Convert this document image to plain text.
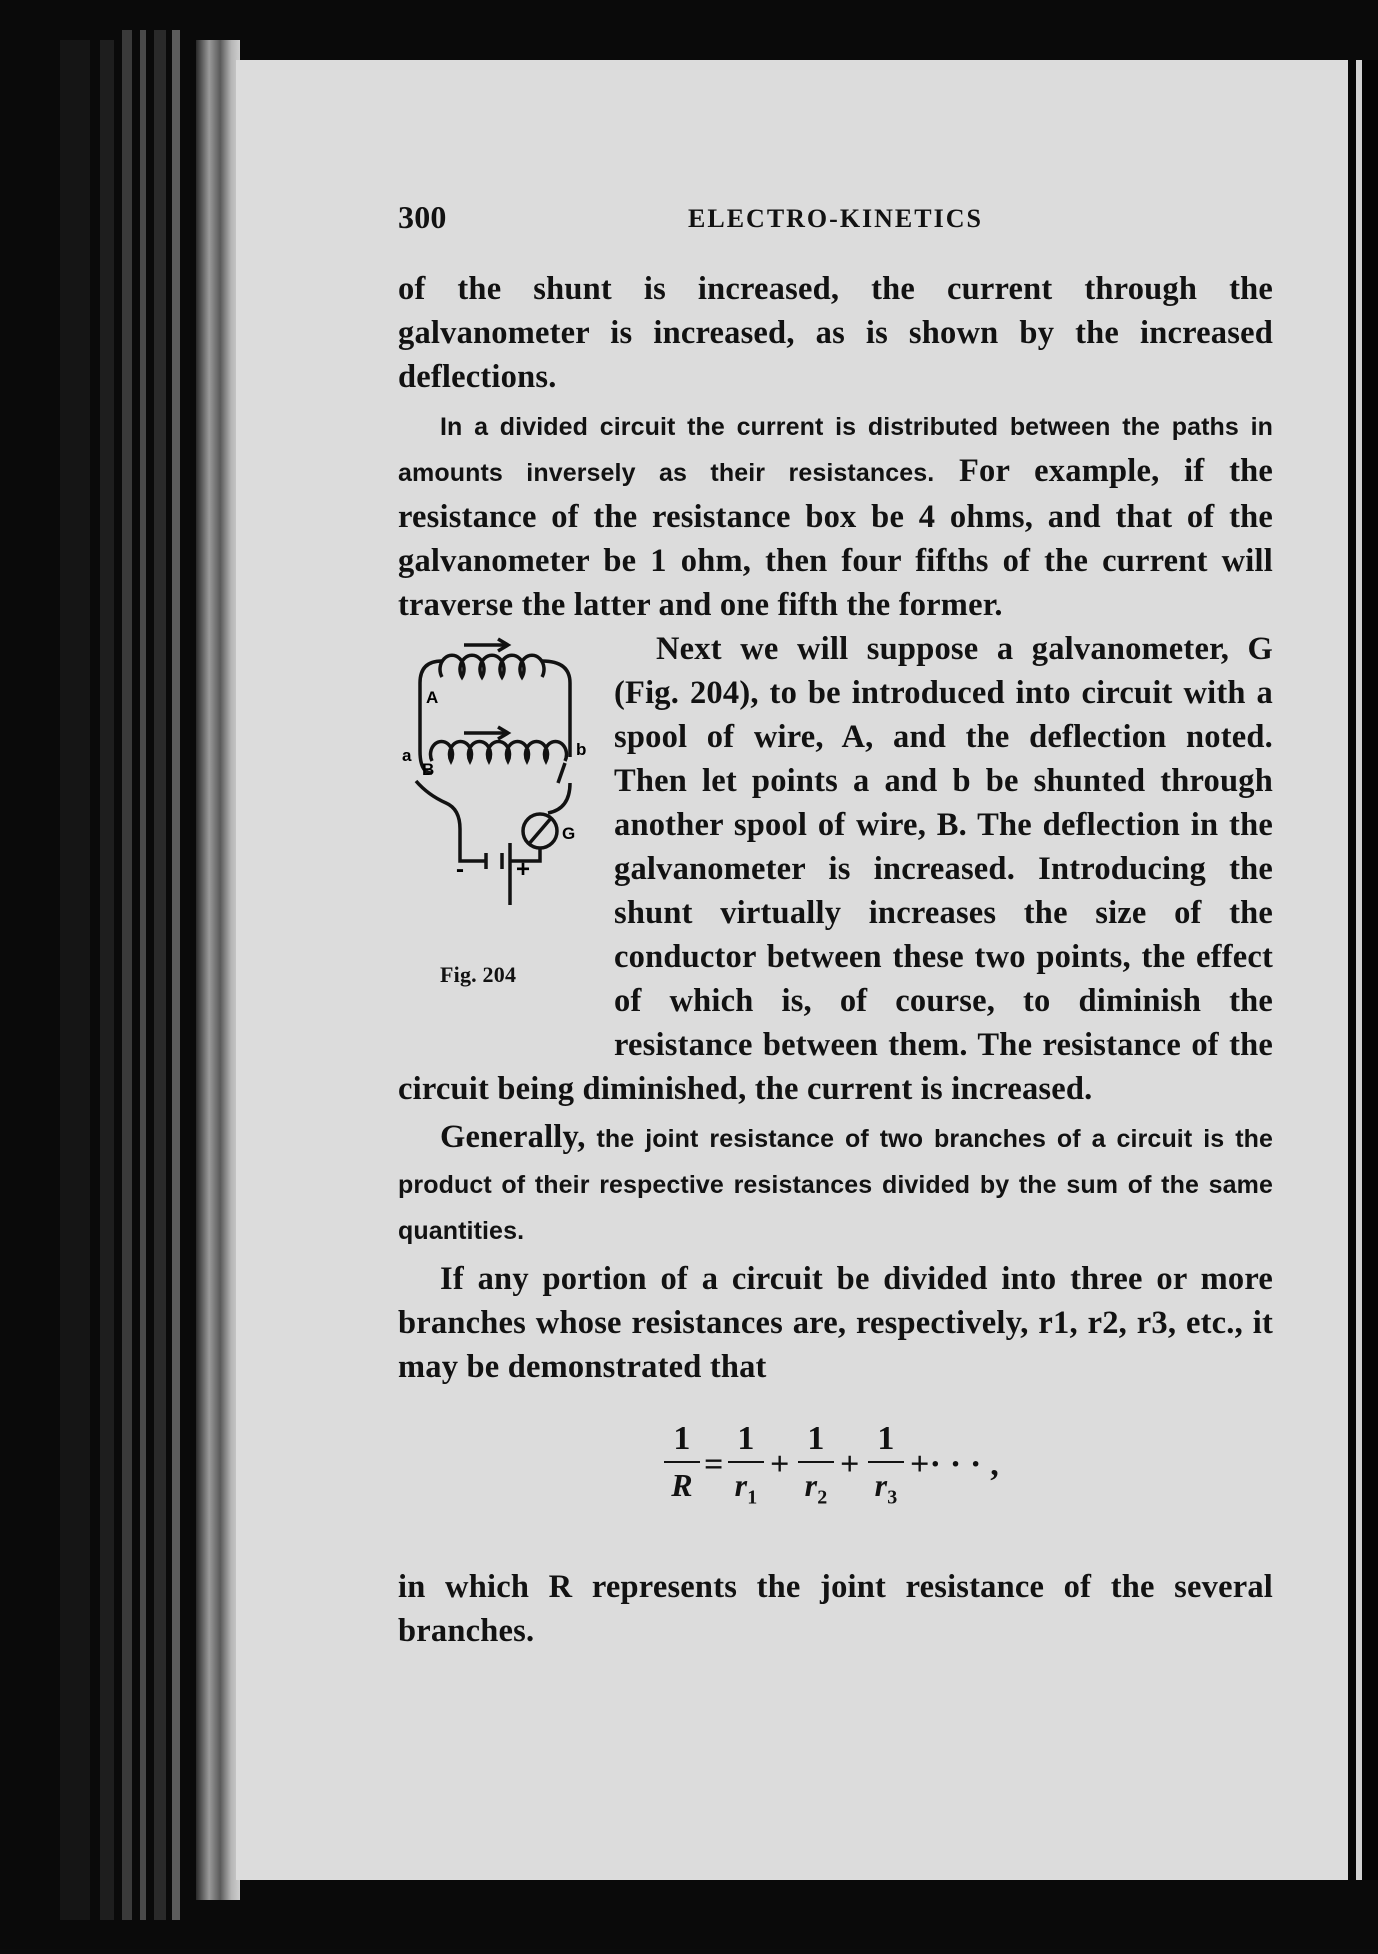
300	ELECTRO-KINETICS

of the shunt is increased, the current through the galvanometer is increased, as is shown by the increased deflections.

In a divided circuit the current is distributed between the paths in amounts inversely as their resistances. For example, if the resistance of the resistance box be 4 ohms, and that of the galvanometer be 1 ohm, then four fifths of the current will traverse the latter and one fifth the former.

A
B
a	b
G
- +
Fig. 204

Next we will suppose a galvanometer, G (Fig. 204), to be introduced into circuit with a spool of wire, A, and the deflection noted. Then let points a and b be shunted through another spool of wire, B. The deflection in the galvanometer is increased. Introducing the shunt virtually increases the size of the conductor between these two points, the effect of which is, of course, to diminish the resistance between them. The resistance of the circuit being diminished, the current is increased.

Generally, the joint resistance of two branches of a circuit is the product of their respective resistances divided by the sum of the same quantities.

If any portion of a circuit be divided into three or more branches whose resistances are, respectively, r1, r2, r3, etc., it may be demonstrated that

1
R
=
1
$r_1$
+
1
$r_2$
+
1
$r_3$
+· · · ,

in which R represents the joint resistance of the several branches.
